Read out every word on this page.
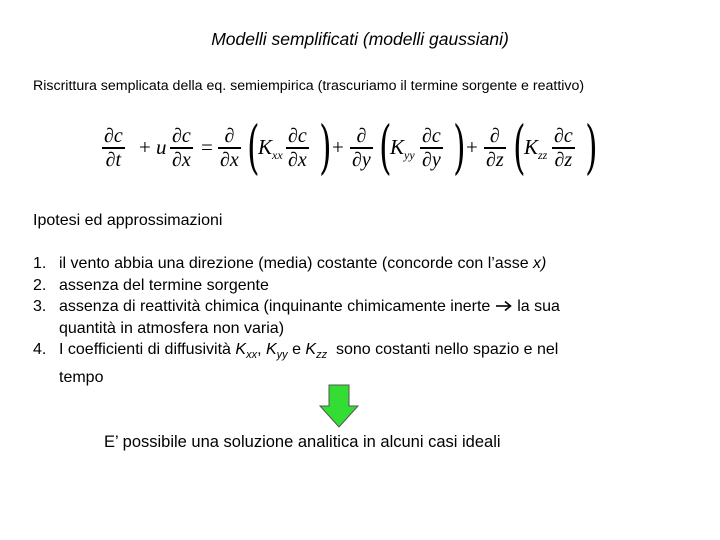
Modelli semplificati (modelli gaussiani)
Riscrittura semplicata della eq. semiempirica (trascuriamo il termine sorgente e reattivo)
∂c
∂t
+ u ∂c
∂x
= ∂
∂x (
$K_{xx}$
∂c
∂x ) + ∂
∂y (
$K_{yy}$
∂c
∂y ) + ∂
∂z (
$K_{zz}$
∂c
∂z )
Ipotesi ed approssimazioni
1. il vento abbia una direzione (media) costante (concorde con l’asse x)
2. assenza del termine sorgente
3. assenza di reattività chimica (inquinante chimicamente inerte  la sua
quantità in atmosfera non varia)
4. I coefficienti di diffusività $K_{xx}$, $K_{yy}$ e $K_{zz}$  sono costanti nello spazio e nel
tempo
E’ possibile una soluzione analitica in alcuni casi ideali
